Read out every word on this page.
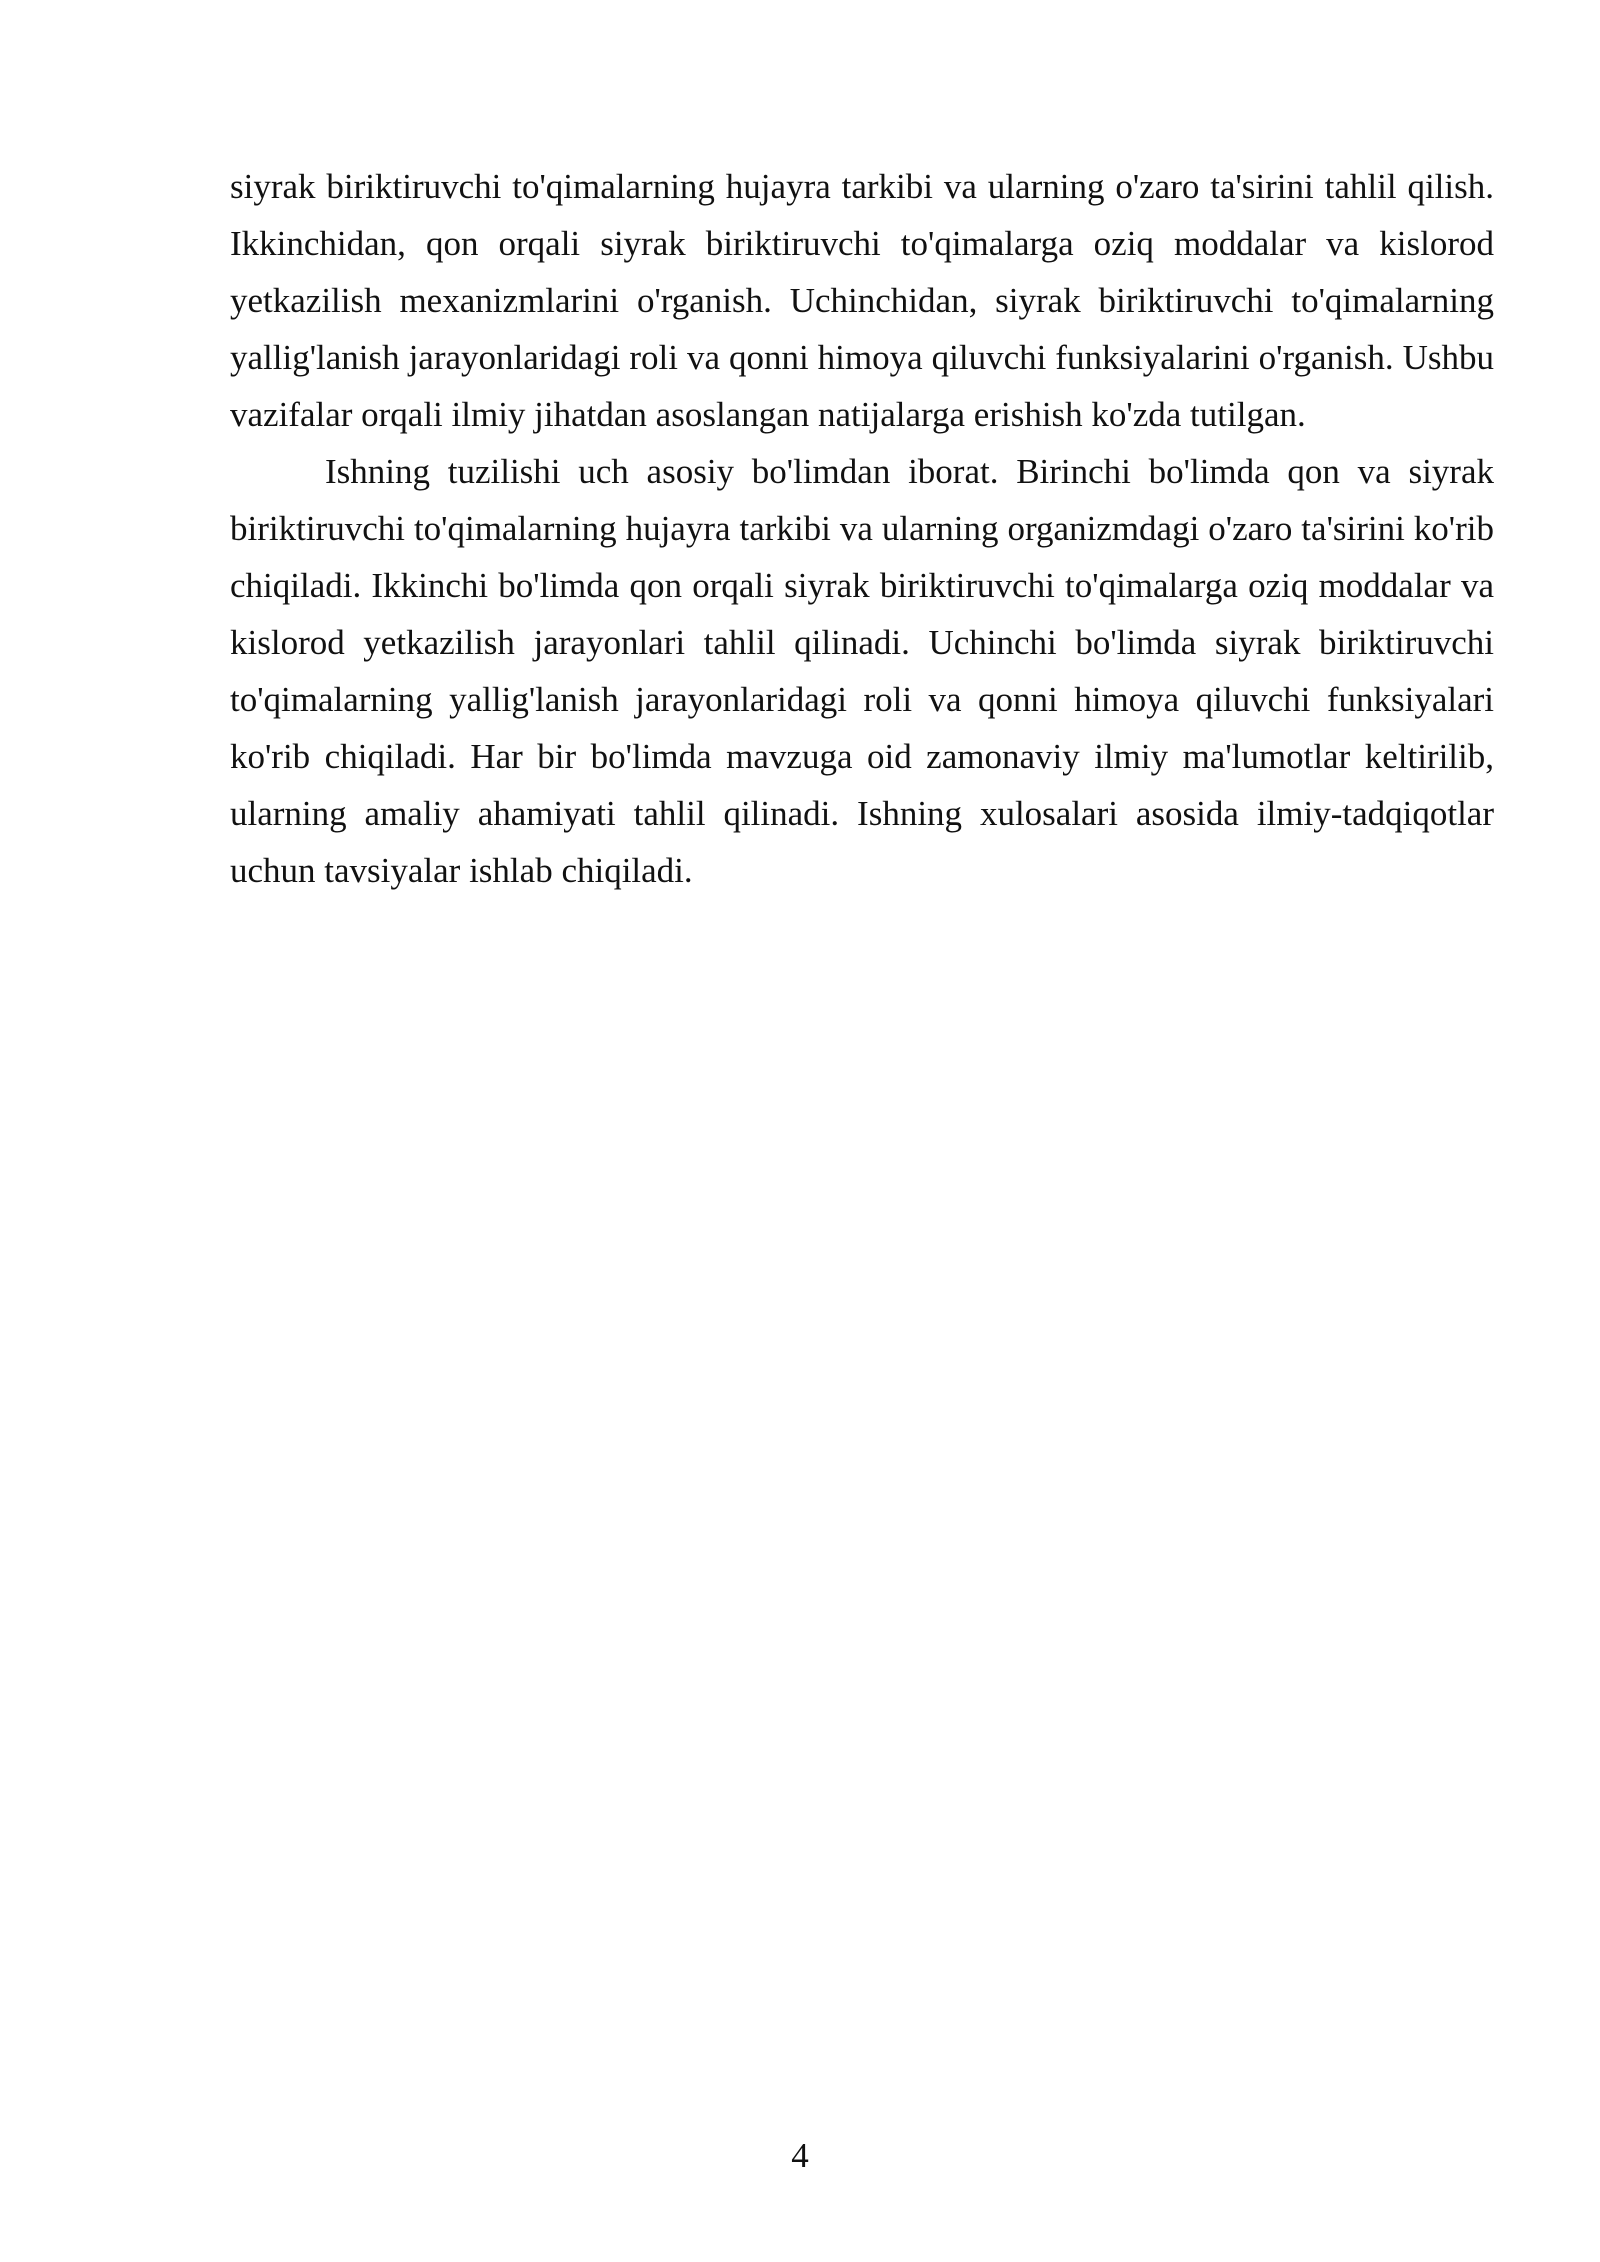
siyrak biriktiruvchi to'qimalarning hujayra tarkibi va ularning o'zaro ta'sirini tahlil qilish. Ikkinchidan, qon orqali siyrak biriktiruvchi to'qimalarga oziq moddalar va kislorod yetkazilish mexanizmlarini o'rganish. Uchinchidan, siyrak biriktiruvchi to'qimalarning yallig'lanish jarayonlaridagi roli va qonni himoya qiluvchi funksiyalarini o'rganish. Ushbu vazifalar orqali ilmiy jihatdan asoslangan natijalarga erishish ko'zda tutilgan.

Ishning tuzilishi uch asosiy bo'limdan iborat. Birinchi bo'limda qon va siyrak biriktiruvchi to'qimalarning hujayra tarkibi va ularning organizmdagi o'zaro ta'sirini ko'rib chiqiladi. Ikkinchi bo'limda qon orqali siyrak biriktiruvchi to'qimalarga oziq moddalar va kislorod yetkazilish jarayonlari tahlil qilinadi. Uchinchi bo'limda siyrak biriktiruvchi to'qimalarning yallig'lanish jarayonlaridagi roli va qonni himoya qiluvchi funksiyalari ko'rib chiqiladi. Har bir bo'limda mavzuga oid zamonaviy ilmiy ma'lumotlar keltirilib, ularning amaliy ahamiyati tahlil qilinadi. Ishning xulosalari asosida ilmiy-tadqiqotlar uchun tavsiyalar ishlab chiqiladi.

4
